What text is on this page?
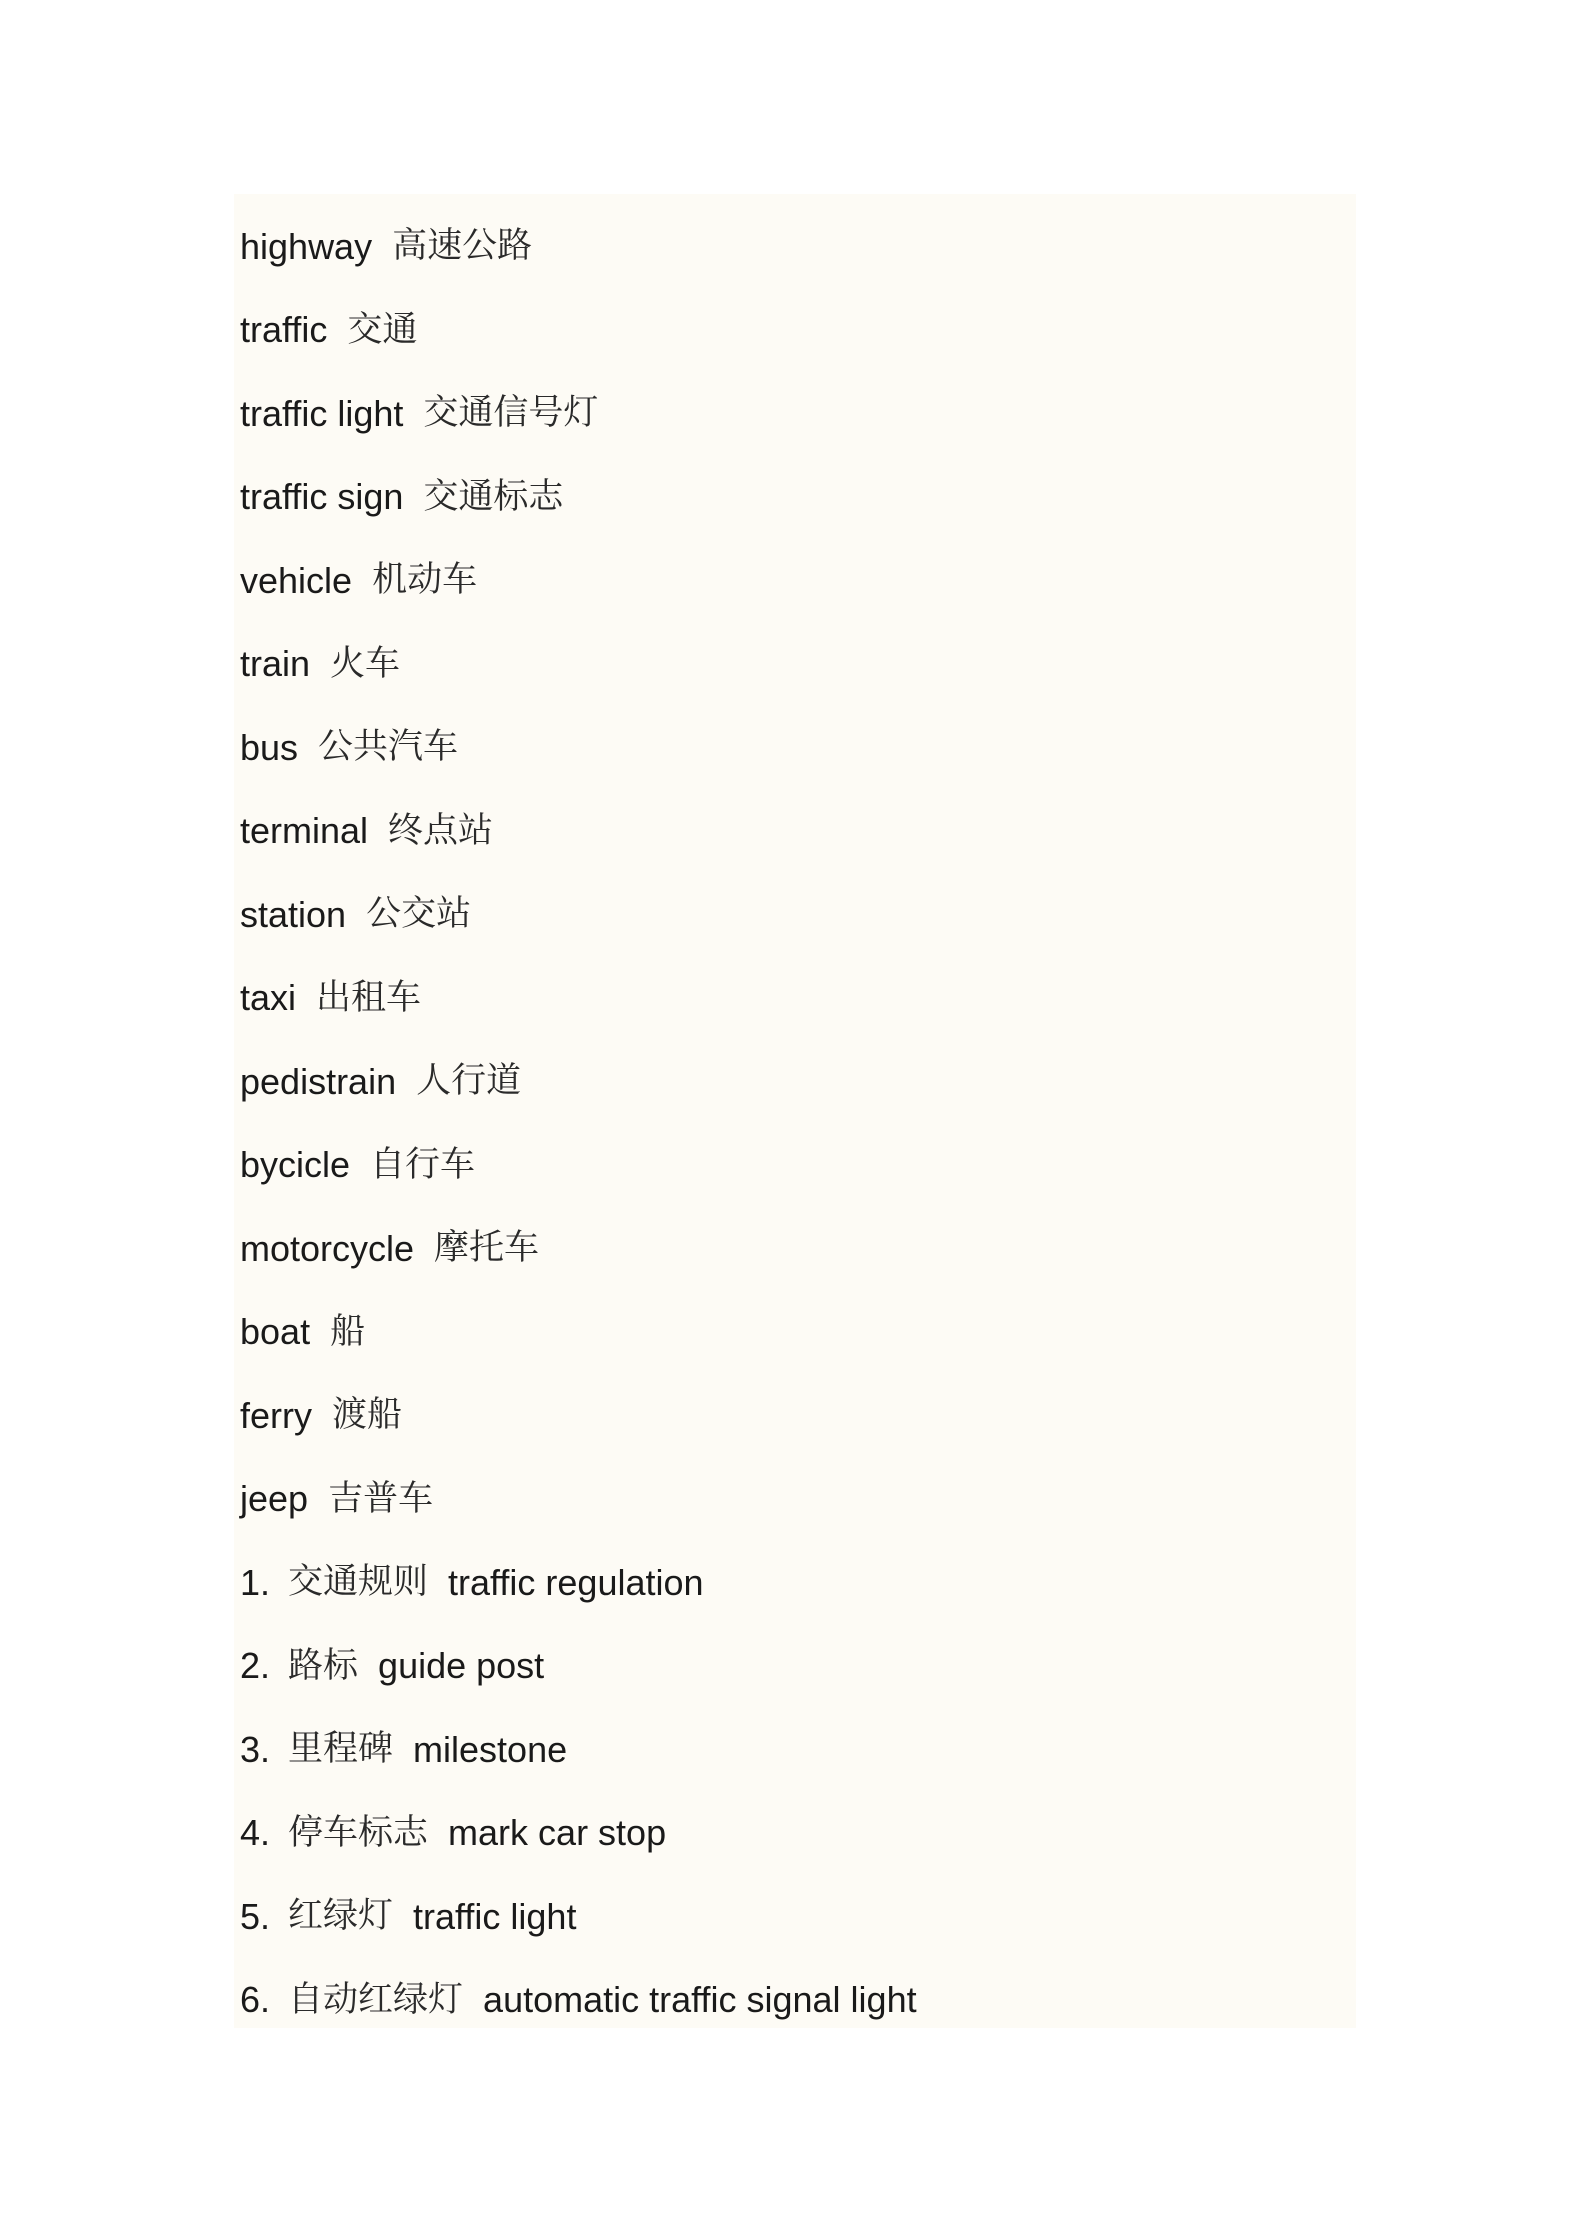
highway 高速公路
traffic 交通
traffic light 交通信号灯
traffic sign 交通标志
vehicle 机动车
train 火车
bus 公共汽车
terminal 终点站
station 公交站
taxi 出租车
pedistrain 人行道
bycicle 自行车
motorcycle 摩托车
boat 船
ferry 渡船
jeep 吉普车
1. 交通规则 traffic regulation
2. 路标 guide post
3. 里程碑 milestone
4. 停车标志 mark car stop
5. 红绿灯 traffic light
6. 自动红绿灯 automatic traffic signal light
